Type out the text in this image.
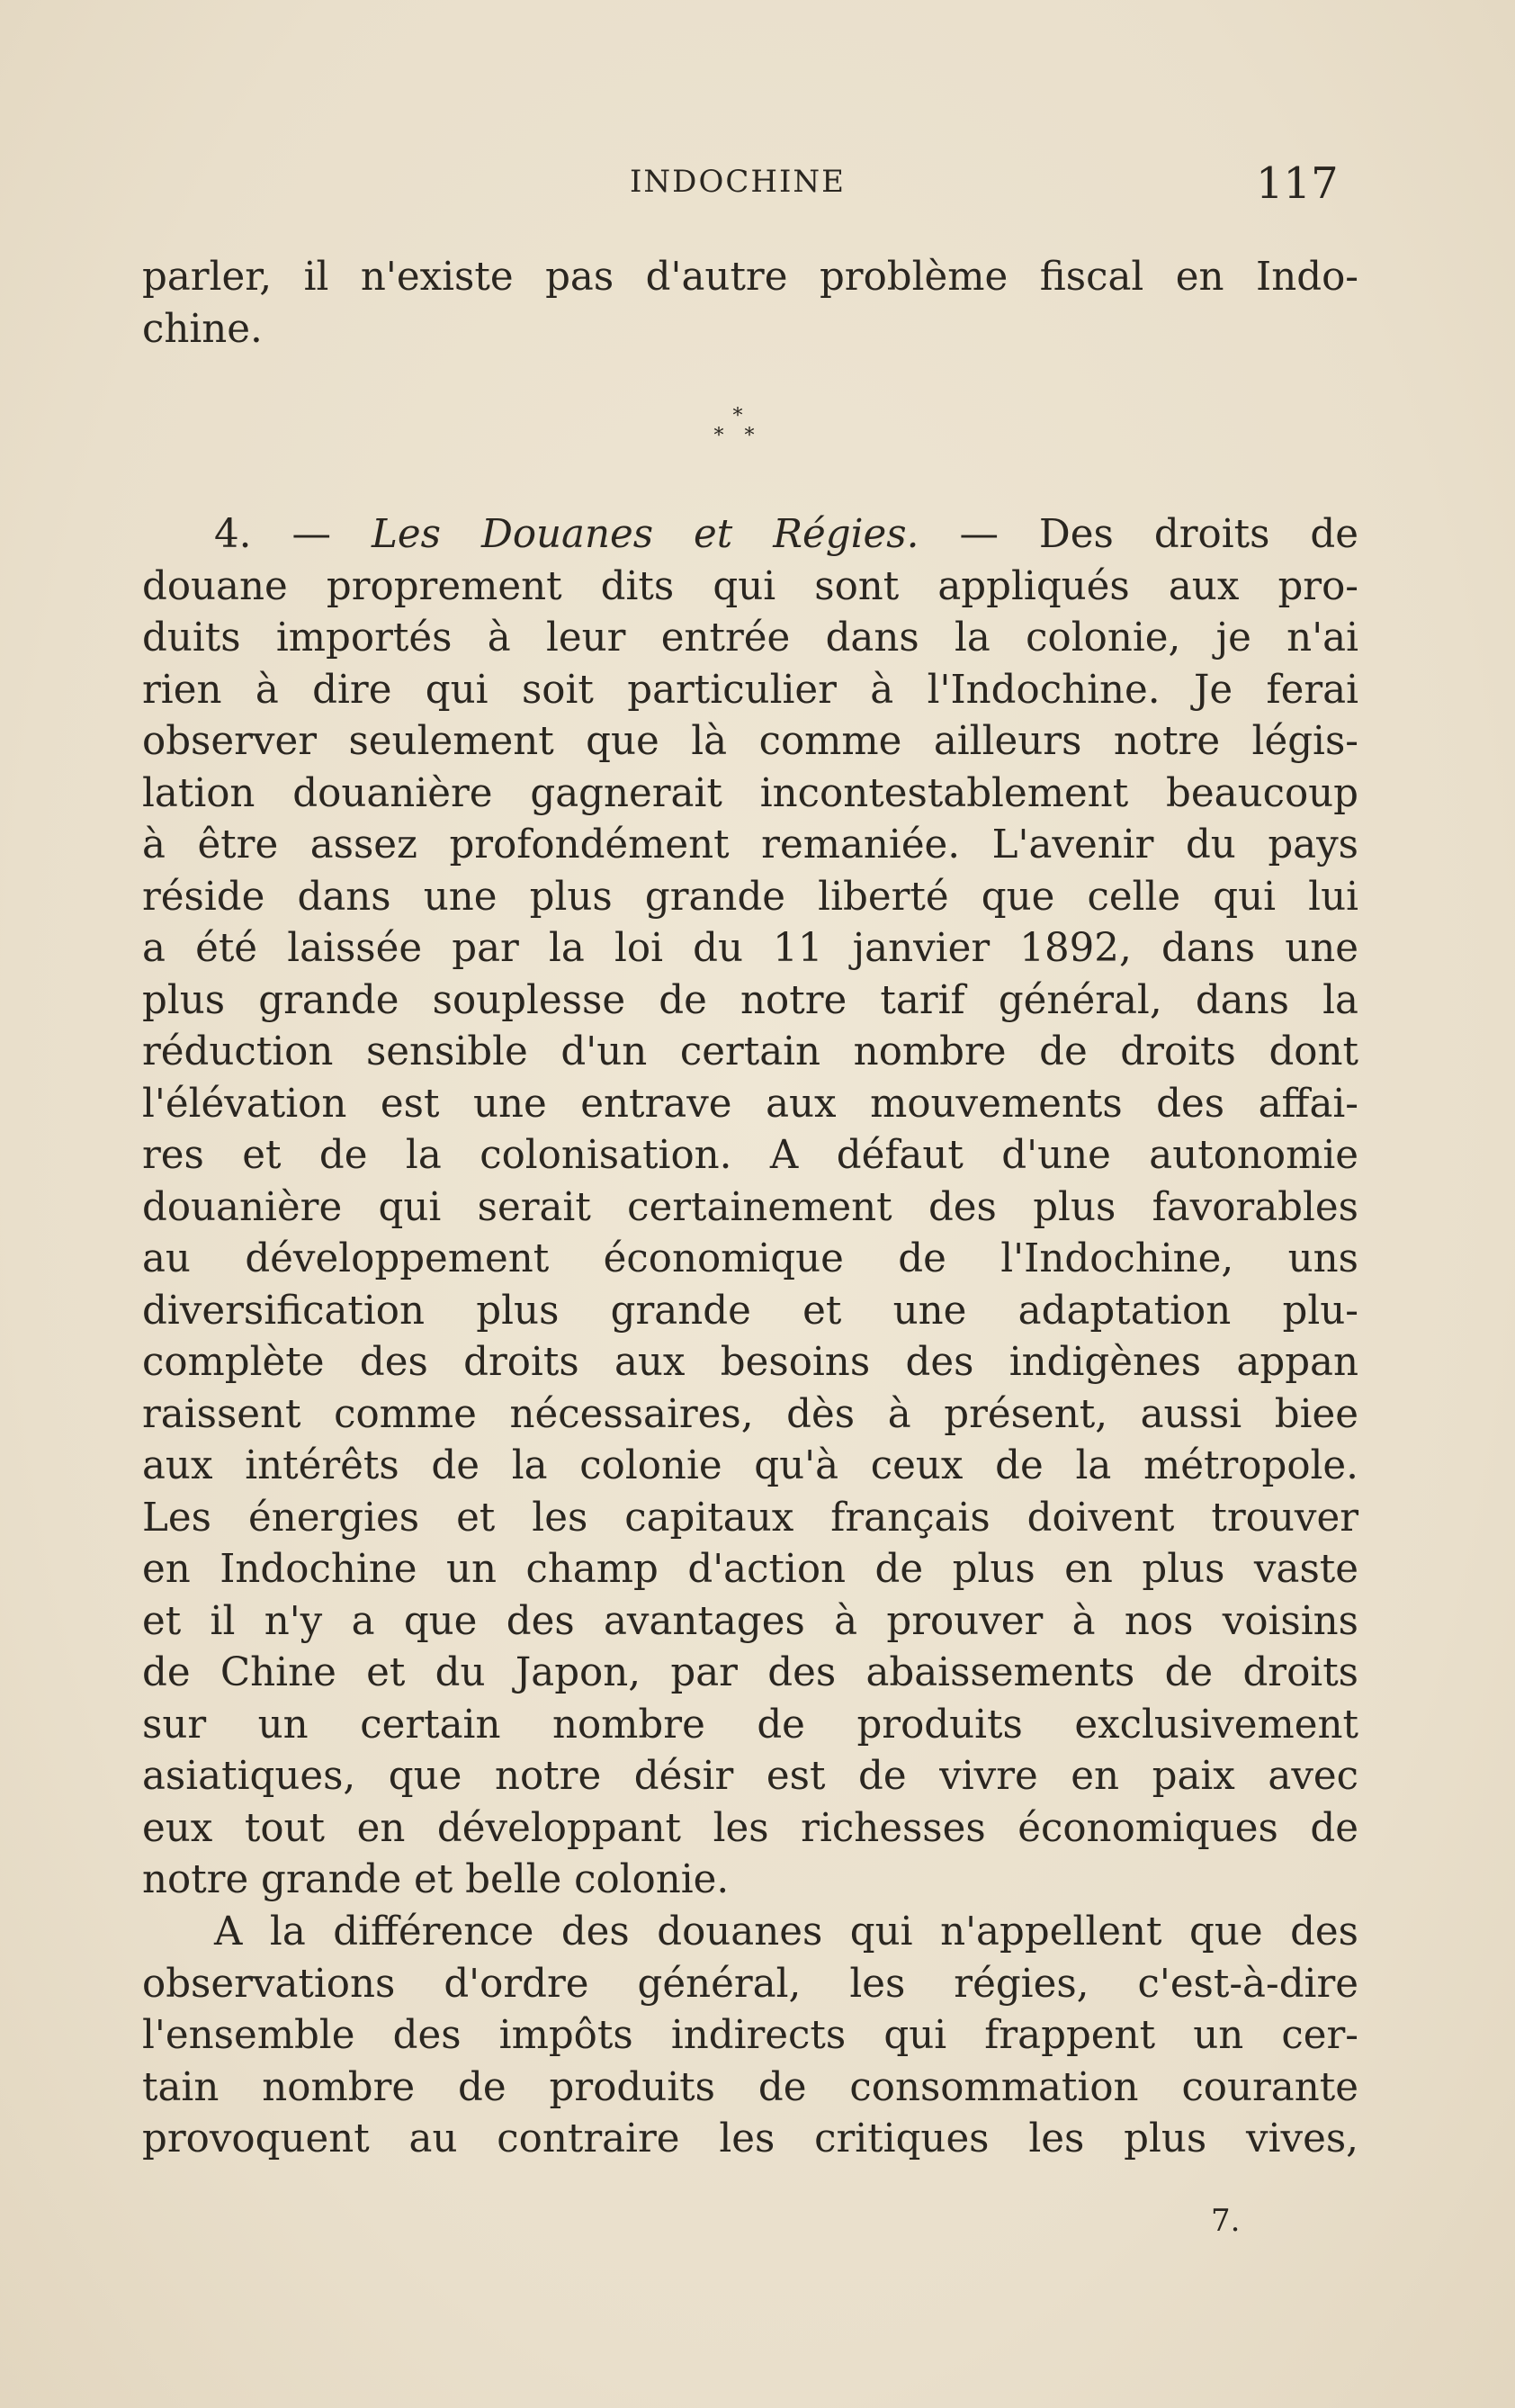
INDOCHINE	117
parler, il n'existe pas d'autre problème fiscal en Indo-
chine.
*
* *
4. — Les Douanes et Régies. — Des droits de
douane proprement dits qui sont appliqués aux pro-
duits importés à leur entrée dans la colonie, je n'ai
rien à dire qui soit particulier à l'Indochine. Je ferai
observer seulement que là comme ailleurs notre légis-
lation douanière gagnerait incontestablement beaucoup
à être assez profondément remaniée. L'avenir du pays
réside dans une plus grande liberté que celle qui lui
a été laissée par la loi du 11 janvier 1892, dans une
plus grande souplesse de notre tarif général, dans la
réduction sensible d'un certain nombre de droits dont
l'élévation est une entrave aux mouvements des affai-
res et de la colonisation. A défaut d'une autonomie
douanière qui serait certainement des plus favorables
au développement économique de l'Indochine, uns
diversification plus grande et une adaptation plu-
complète des droits aux besoins des indigènes appan
raissent comme nécessaires, dès à présent, aussi biee
aux intérêts de la colonie qu'à ceux de la métropole.
Les énergies et les capitaux français doivent trouver
en Indochine un champ d'action de plus en plus vaste
et il n'y a que des avantages à prouver à nos voisins
de Chine et du Japon, par des abaissements de droits
sur un certain nombre de produits exclusivement
asiatiques, que notre désir est de vivre en paix avec
eux tout en développant les richesses économiques de
notre grande et belle colonie.
A la différence des douanes qui n'appellent que des
observations d'ordre général, les régies, c'est-à-dire
l'ensemble des impôts indirects qui frappent un cer-
tain nombre de produits de consommation courante
provoquent au contraire les critiques les plus vives,
7.
